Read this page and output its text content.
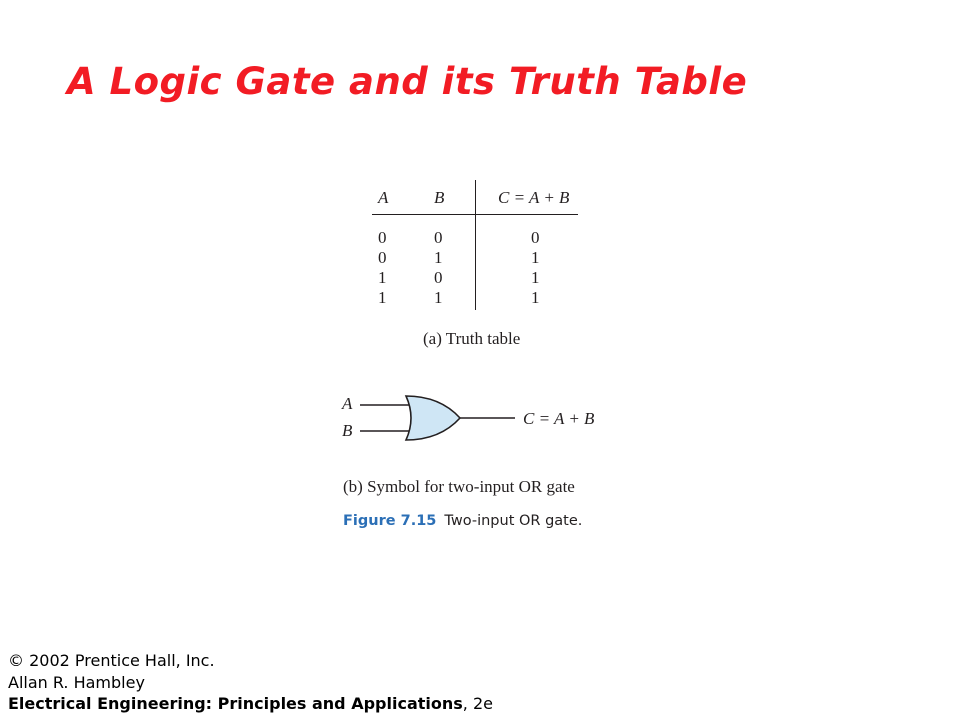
A Logic Gate and its Truth Table
A	B	C = A + B
0	0	0
0	1	1
1	0	1
1	1	1
(a) Truth table
A
B
C = A + B
(b) Symbol for two-input OR gate
Figure 7.15 Two-input OR gate.
© 2002 Prentice Hall, Inc.
Allan R. Hambley
Electrical Engineering: Principles and Applications, 2e
